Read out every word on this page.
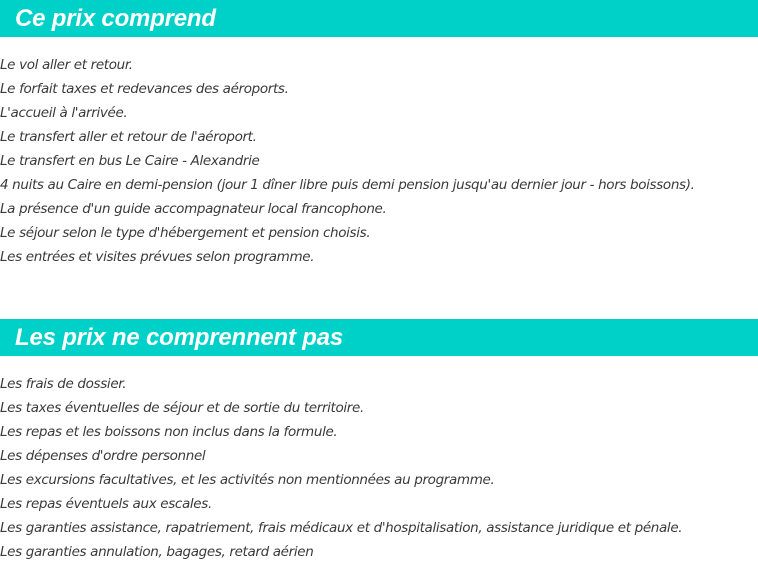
Ce prix comprend
Le vol aller et retour.
Le forfait taxes et redevances des aéroports.
L'accueil à l'arrivée.
Le transfert aller et retour de l'aéroport.
Le transfert en bus Le Caire - Alexandrie
4 nuits au Caire en demi-pension (jour 1 dîner libre puis demi pension jusqu'au dernier jour - hors boissons).
La présence d'un guide accompagnateur local francophone.
Le séjour selon le type d'hébergement et pension choisis.
Les entrées et visites prévues selon programme.
Les prix ne comprennent pas
Les frais de dossier.
Les taxes éventuelles de séjour et de sortie du territoire.
Les repas et les boissons non inclus dans la formule.
Les dépenses d'ordre personnel
Les excursions facultatives, et les activités non mentionnées au programme.
Les repas éventuels aux escales.
Les garanties assistance, rapatriement, frais médicaux et d'hospitalisation, assistance juridique et pénale.
Les garanties annulation, bagages, retard aérien
